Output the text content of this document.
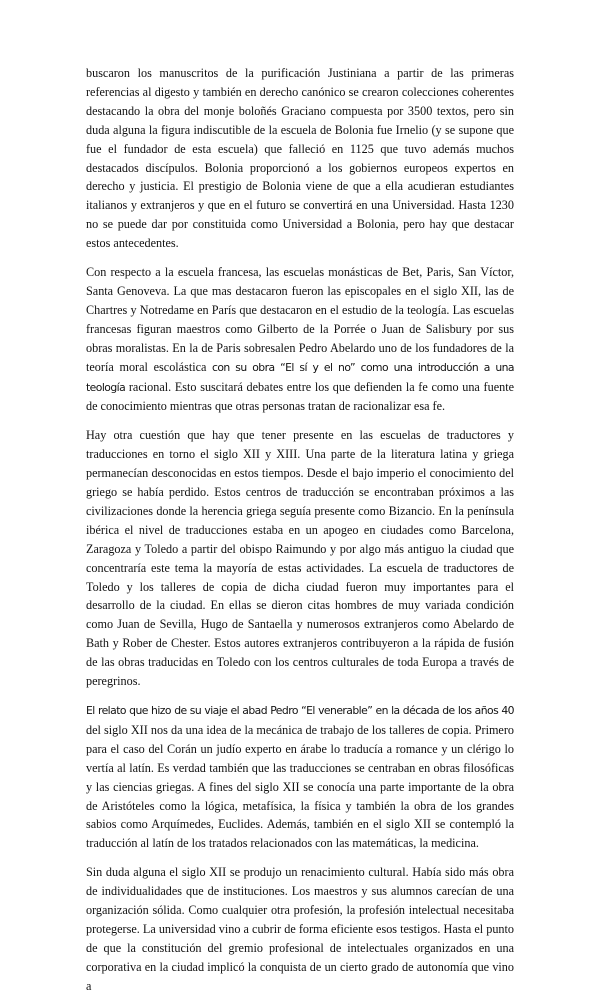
buscaron los manuscritos de la purificación Justiniana a partir de las primeras referencias al digesto y también en derecho canónico se crearon colecciones coherentes destacando la obra del monje boloñés Graciano compuesta por 3500 textos, pero sin duda alguna la figura indiscutible de la escuela de Bolonia fue Irnelio (y se supone que fue el fundador de esta escuela) que falleció en 1125 que tuvo además muchos destacados discípulos. Bolonia proporcionó a los gobiernos europeos expertos en derecho y justicia. El prestigio de Bolonia viene de que a ella acudieran estudiantes italianos y extranjeros y que en el futuro se convertirá en una Universidad. Hasta 1230 no se puede dar por constituida como Universidad a Bolonia, pero hay que destacar estos antecedentes.

Con respecto a la escuela francesa, las escuelas monásticas de Bet, Paris, San Víctor, Santa Genoveva. La que mas destacaron fueron las episcopales en el siglo XII, las de Chartres y Notredame en París que destacaron en el estudio de la teología. Las escuelas francesas figuran maestros como Gilberto de la Porrée o Juan de Salisbury por sus obras moralistas. En la de Paris sobresalen Pedro Abelardo uno de los fundadores de la teoría moral escolástica con su obra “El sí y el no” como una introducción a una teología racional. Esto suscitará debates entre los que defienden la fe como una fuente de conocimiento mientras que otras personas tratan de racionalizar esa fe.

Hay otra cuestión que hay que tener presente en las escuelas de traductores y traducciones en torno el siglo XII y XIII. Una parte de la literatura latina y griega permanecían desconocidas en estos tiempos. Desde el bajo imperio el conocimiento del griego se había perdido. Estos centros de traducción se encontraban próximos a las civilizaciones donde la herencia griega seguía presente como Bizancio. En la península ibérica el nivel de traducciones estaba en un apogeo en ciudades como Barcelona, Zaragoza y Toledo a partir del obispo Raimundo y por algo más antiguo la ciudad que concentraría este tema la mayoría de estas actividades. La escuela de traductores de Toledo y los talleres de copia de dicha ciudad fueron muy importantes para el desarrollo de la ciudad. En ellas se dieron citas hombres de muy variada condición como Juan de Sevilla, Hugo de Santaella y numerosos extranjeros como Abelardo de Bath y Rober de Chester. Estos autores extranjeros contribuyeron a la rápida de fusión de las obras traducidas en Toledo con los centros culturales de toda Europa a través de peregrinos.

El relato que hizo de su viaje el abad Pedro “El venerable” en la década de los años 40 del siglo XII nos da una idea de la mecánica de trabajo de los talleres de copia. Primero para el caso del Corán un judío experto en árabe lo traducía a romance y un clérigo lo vertía al latín. Es verdad también que las traducciones se centraban en obras filosóficas y las ciencias griegas. A fines del siglo XII se conocía una parte importante de la obra de Aristóteles como la lógica, metafísica, la física y también la obra de los grandes sabios como Arquímedes, Euclides. Además, también en el siglo XII se contempló la traducción al latín de los tratados relacionados con las matemáticas, la medicina.

Sin duda alguna el siglo XII se produjo un renacimiento cultural. Había sido más obra de individualidades que de instituciones. Los maestros y sus alumnos carecían de una organización sólida. Como cualquier otra profesión, la profesión intelectual necesitaba protegerse. La universidad vino a cubrir de forma eficiente esos testigos. Hasta el punto de que la constitución del gremio profesional de intelectuales organizados en una corporativa en la ciudad implicó la conquista de un cierto grado de autonomía que vino a
